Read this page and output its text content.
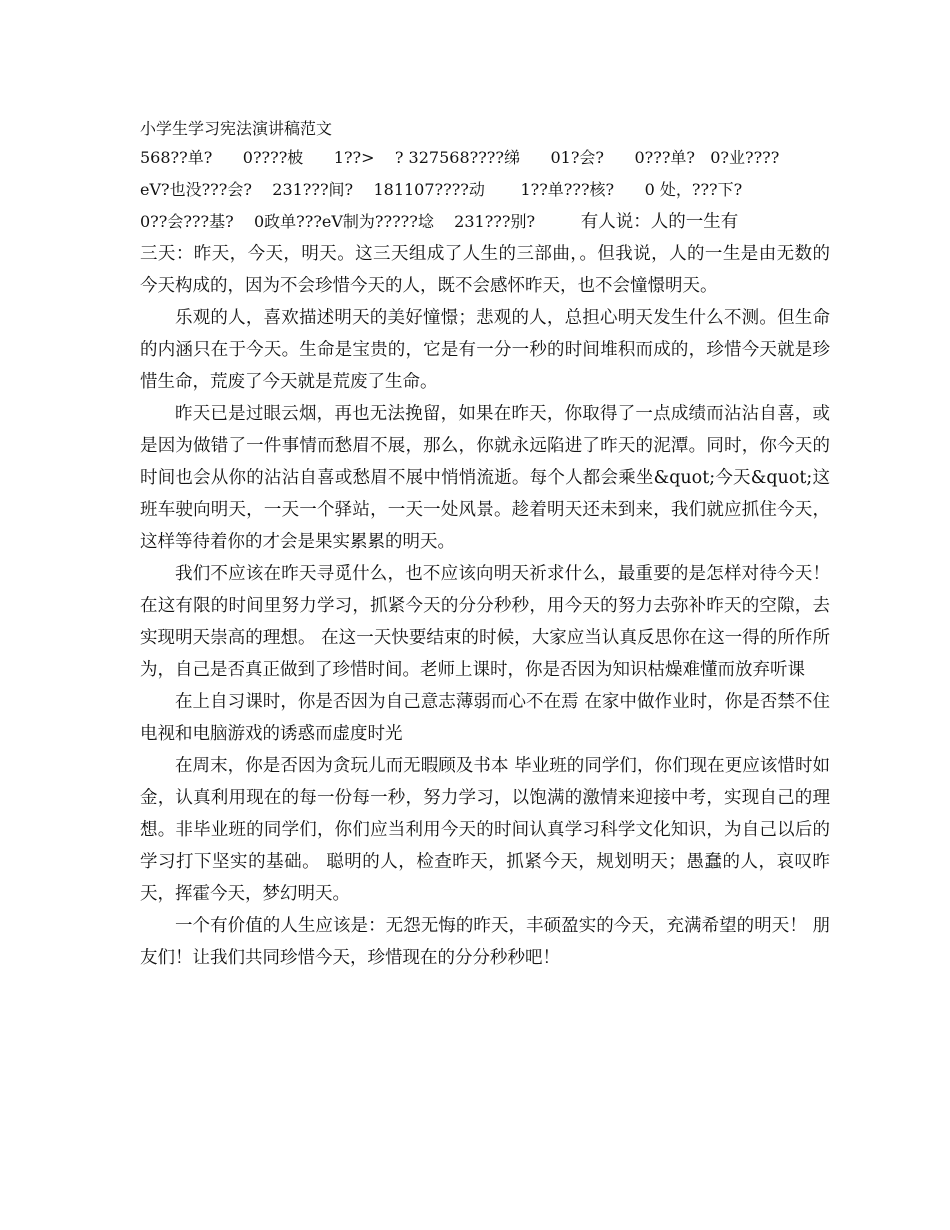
小学生学习宪法演讲稿范文

568??单?      0????柀      1??>    ? 327568????绨      01?会?      0???单?   0?业????

eV?也没???会?    231???间?    181107????动       1??单???核?      0 处，???下?

0??会???基?    0政单???eV制为?????埝    231???别?         有人说：人的一生有

三天：昨天，今天，明天。这三天组成了人生的三部曲，。但我说，人的一生是由无数的今天构成的，因为不会珍惜今天的人，既不会感怀昨天，也不会憧憬明天。

乐观的人，喜欢描述明天的美好憧憬；悲观的人，总担心明天发生什么不测。但生命的内涵只在于今天。生命是宝贵的，它是有一分一秒的时间堆积而成的，珍惜今天就是珍惜生命，荒废了今天就是荒废了生命。

昨天已是过眼云烟，再也无法挽留，如果在昨天，你取得了一点成绩而沾沾自喜，或是因为做错了一件事情而愁眉不展，那么，你就永远陷进了昨天的泥潭。同时，你今天的时间也会从你的沾沾自喜或愁眉不展中悄悄流逝。每个人都会乘坐&quot;今天&quot;这班车驶向明天，一天一个驿站，一天一处风景。趁着明天还未到来，我们就应抓住今天，这样等待着你的才会是果实累累的明天。

我们不应该在昨天寻觅什么，也不应该向明天祈求什么，最重要的是怎样对待今天！在这有限的时间里努力学习，抓紧今天的分分秒秒，用今天的努力去弥补昨天的空隙，去实现明天崇高的理想。 在这一天快要结束的时候，大家应当认真反思你在这一得的所作所为，自己是否真正做到了珍惜时间。老师上课时，你是否因为知识枯燥难懂而放弃听课

在上自习课时，你是否因为自己意志薄弱而心不在焉 在家中做作业时，你是否禁不住电视和电脑游戏的诱惑而虚度时光

在周末，你是否因为贪玩儿而无暇顾及书本 毕业班的同学们，你们现在更应该惜时如金，认真利用现在的每一份每一秒，努力学习，以饱满的激情来迎接中考，实现自己的理想。非毕业班的同学们，你们应当利用今天的时间认真学习科学文化知识，为自己以后的学习打下坚实的基础。 聪明的人，检查昨天，抓紧今天，规划明天；愚蠢的人，哀叹昨天，挥霍今天，梦幻明天。

一个有价值的人生应该是：无怨无悔的昨天，丰硕盈实的今天，充满希望的明天！ 朋友们！让我们共同珍惜今天，珍惜现在的分分秒秒吧！
